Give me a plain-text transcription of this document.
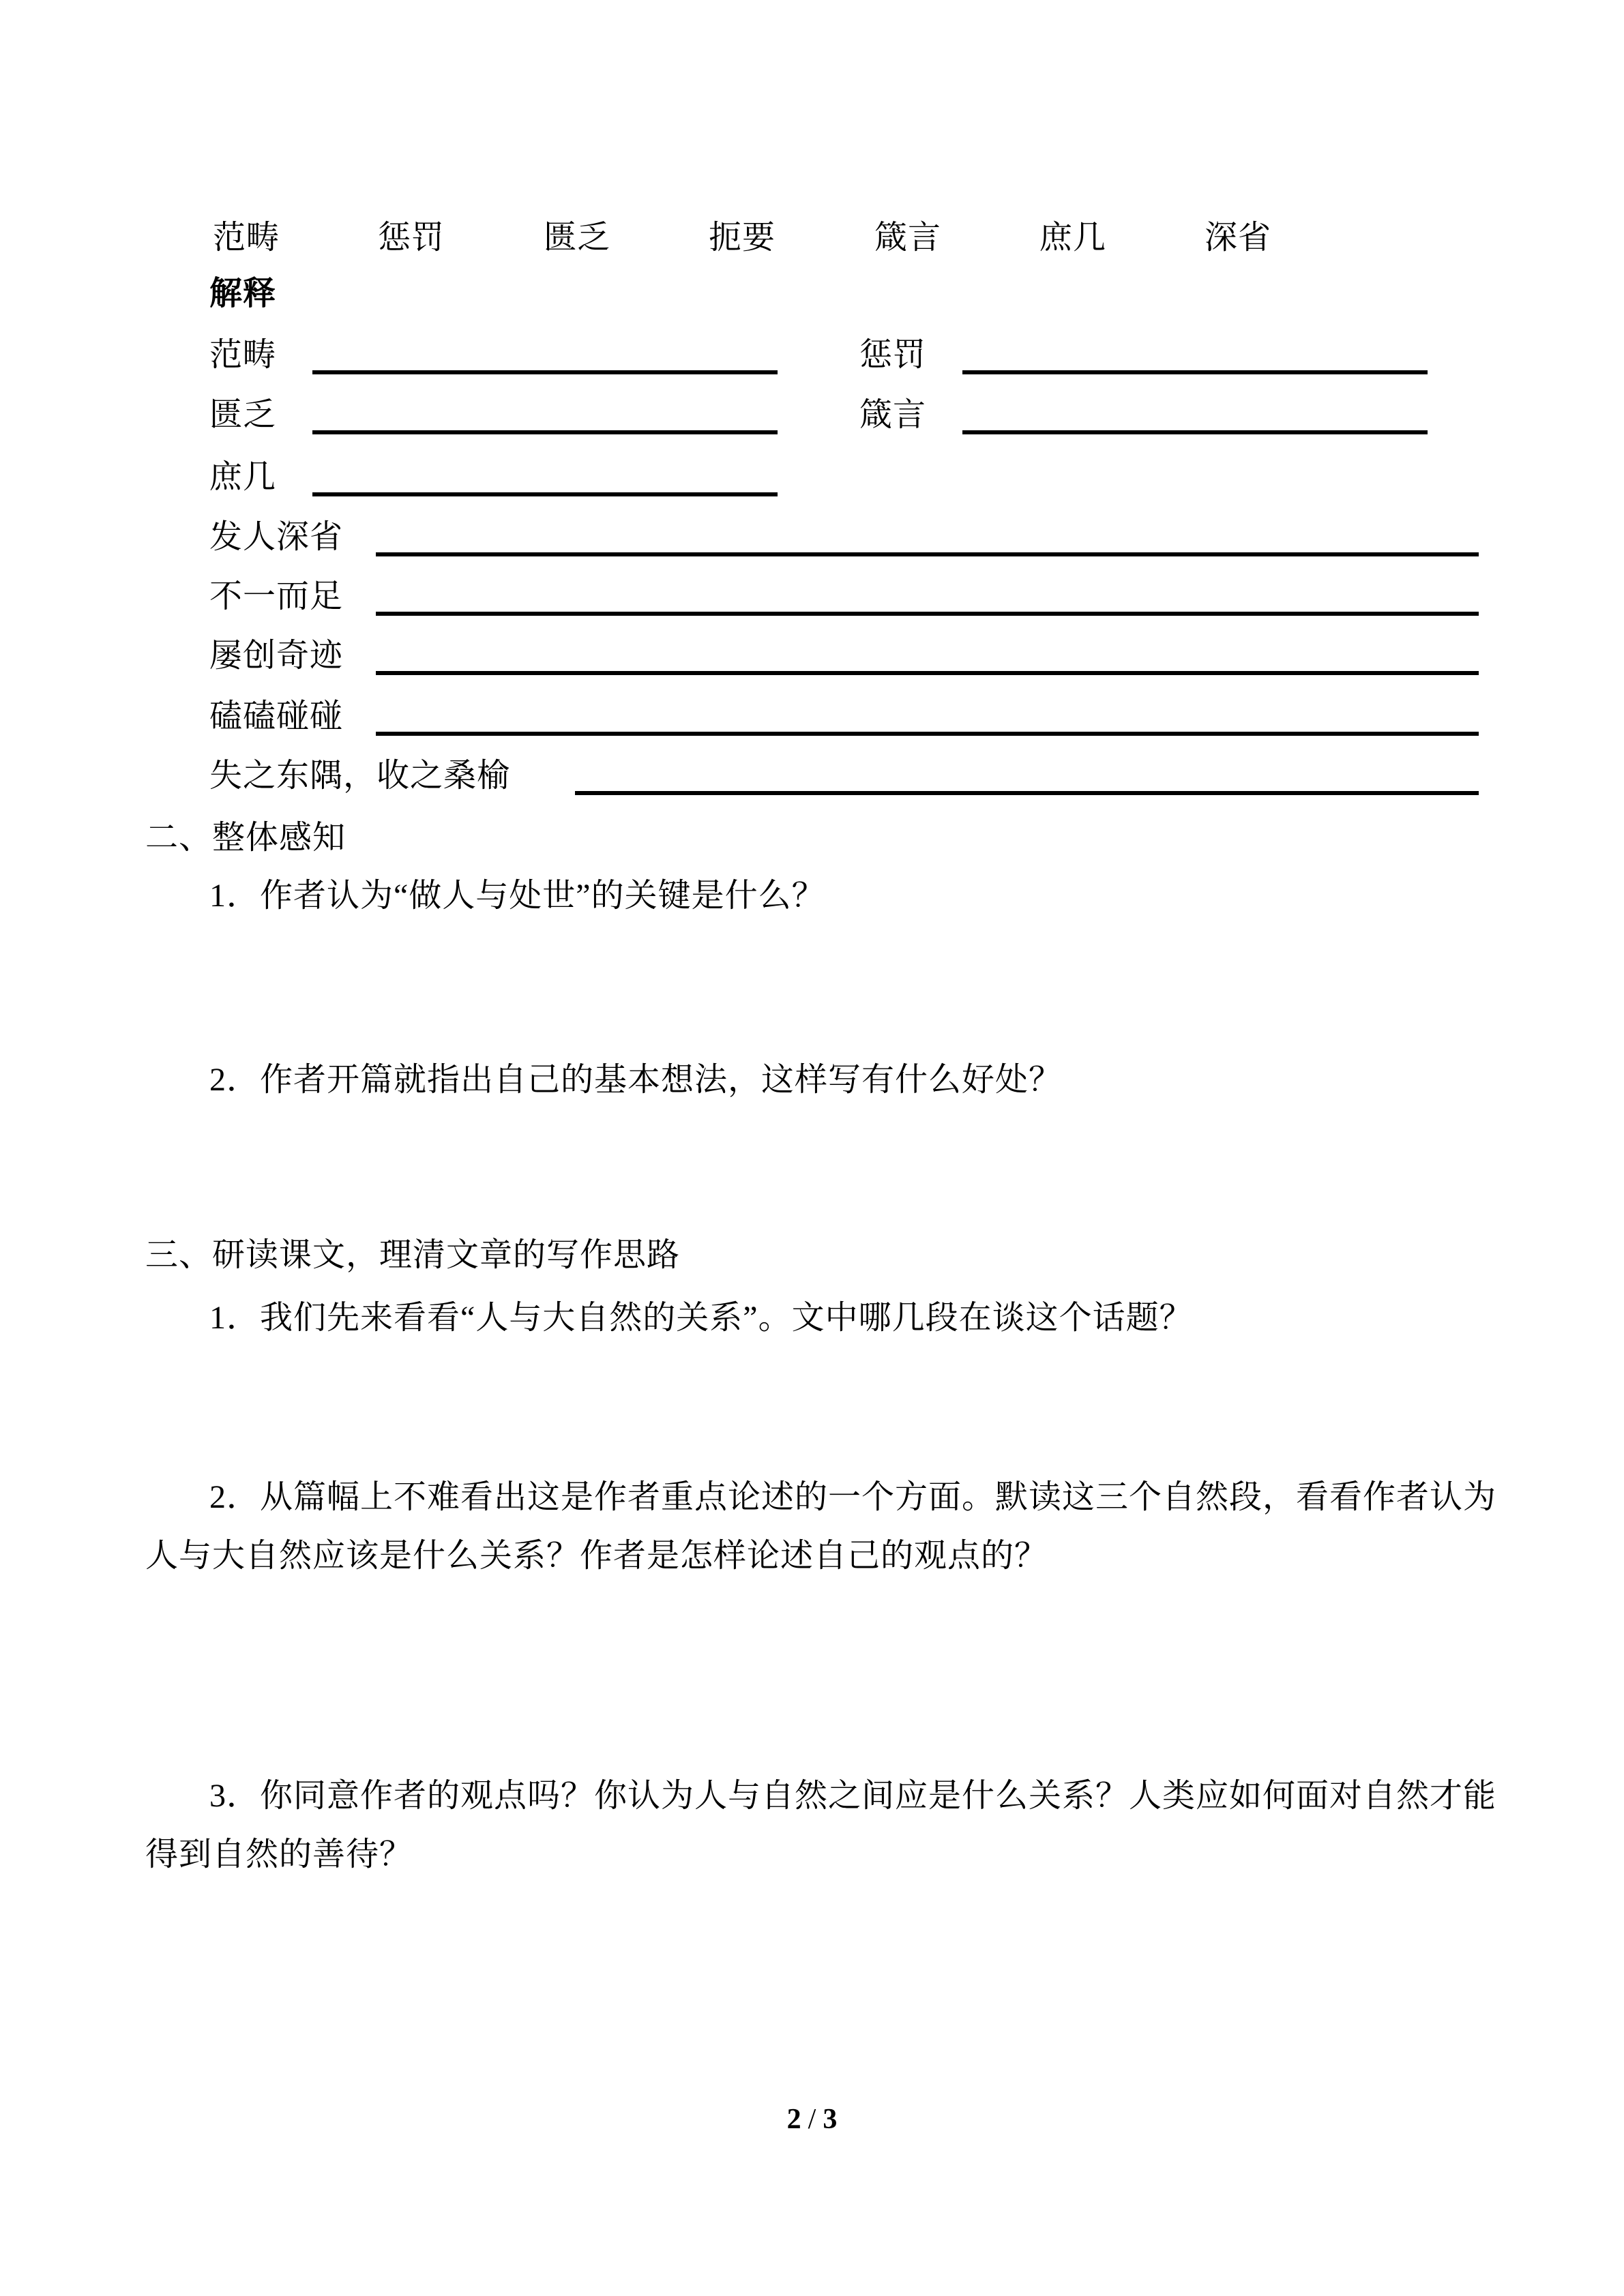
范畴	惩罚	匮乏	扼要	箴言	庶几	深省
解释
范畴	惩罚
匮乏	箴言
庶几
发人深省
不一而足
屡创奇迹
磕磕碰碰
失之东隅，收之桑榆
二、整体感知
1．作者认为“做人与处世”的关键是什么？
2．作者开篇就指出自己的基本想法，这样写有什么好处？
三、研读课文，理清文章的写作思路
1．我们先来看看“人与大自然的关系”。文中哪几段在谈这个话题？
2．从篇幅上不难看出这是作者重点论述的一个方面。默读这三个自然段，看看作者认为
人与大自然应该是什么关系？作者是怎样论述自己的观点的？
3．你同意作者的观点吗？你认为人与自然之间应是什么关系？人类应如何面对自然才能
得到自然的善待？
2 / 3
